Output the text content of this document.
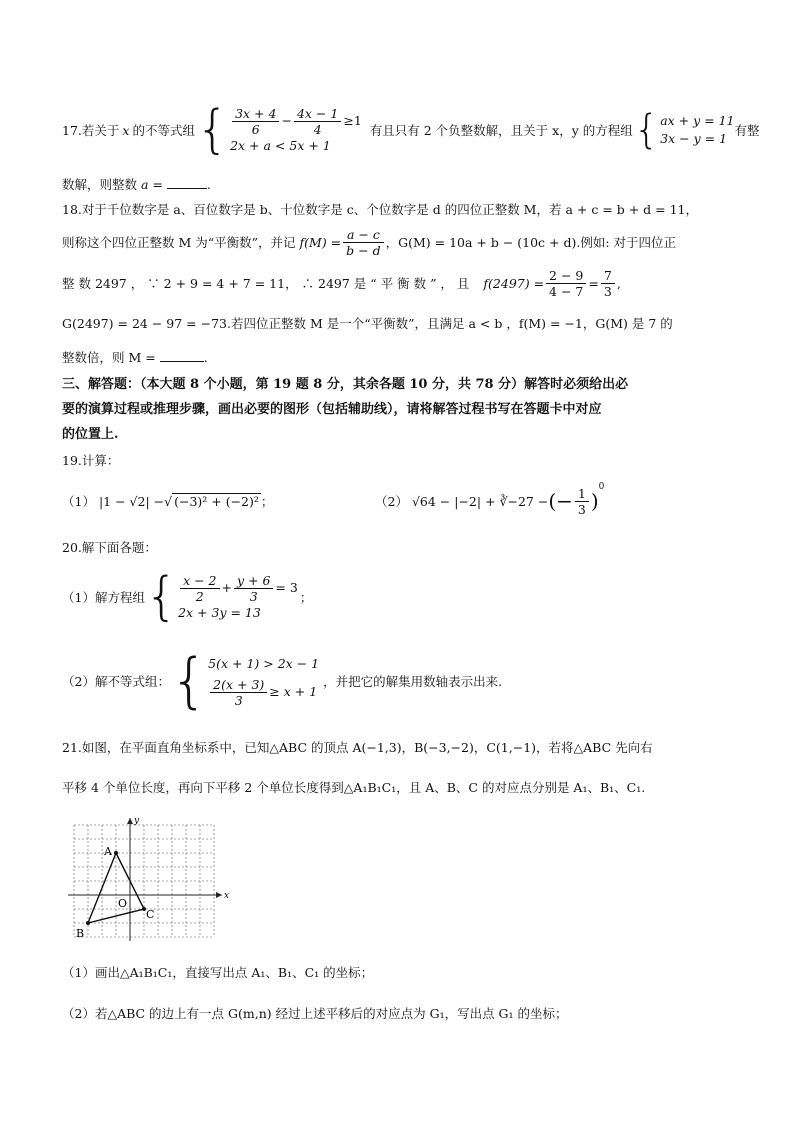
17. 若关于 x 的不等式组 { $\frac{3x + 4}{6} - \frac{4x - 1}{4} \ge 1$
2x + a < 5x + 1
有且只有 2 个负整数解，且关于 x，y 的方程组 { ax + y = 11
3x − y = 1
有整
数解，则整数 a =	.
18.对于千位数字是 a、百位数字是 b、十位数字是 c、个位数字是 d 的四位正整数 M，若 a + c = b + d = 11，
则称这个四位正整数 M 为“平衡数”，并记 $f(M) = \frac{a - c}{b - d}$ ，G(M) = 10a + b − (10c + d).例如: 对于四位正
整 数 2497 ， ∵ 2 + 9 = 4 + 7 = 11， ∴ 2497 是 “ 平 衡 数 ” ， 且 $f(2497) = \frac{2 - 9}{4 - 7} = \frac{7}{3}$ ,
G(2497) = 24 − 97 = −73.若四位正整数 M 是一个“平衡数”，且满足 a < b ，f(M) = −1，G(M) 是 7 的
整数倍，则 M =	.
三、解答题：（本大题 8 个小题，第 19 题 8 分，其余各题 10 分，共 78 分）解答时必须给出必
要的演算过程或推理步骤，画出必要的图形（包括辅助线），请将解答过程书写在答题卡中对应
的位置上.
19.计算：
（1） |1 − √2| − √ (−3)² + (−2)² ；	（2） √64 − |−2| + ∛−27 − (− $\frac{1}{3}$ )
$^0$
20.解下面各题：
（1）解方程组 { $\frac{x - 2}{2} + \frac{y + 6}{3} = 3$
2x + 3y = 13
；
（2）解不等式组： { 5(x + 1) > 2x − 1
$\frac{2(x + 3)}{3} \ge x + 1$
，并把它的解集用数轴表示出来.
21.如图，在平面直角坐标系中，已知△ABC 的顶点 A(−1,3)，B(−3,−2)，C(1,−1)，若将△ABC 先向右
平移 4 个单位长度，再向下平移 2 个单位长度得到△A₁B₁C₁，且 A、B、C 的对应点分别是 A₁、B₁、C₁.
x
y
O
A
B
C
（1）画出△A₁B₁C₁，直接写出点 A₁、B₁、C₁ 的坐标；
（2）若△ABC 的边上有一点 G(m,n) 经过上述平移后的对应点为 G₁，写出点 G₁ 的坐标；
